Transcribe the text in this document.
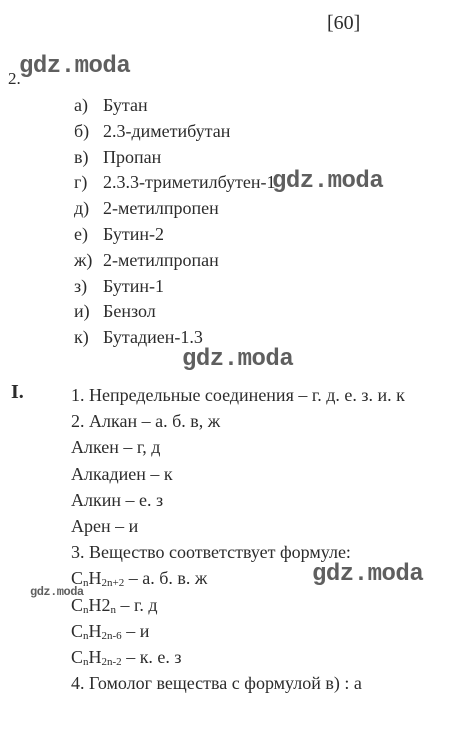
[60]
2.
а) Бутан
б) 2.3-диметибутан
в) Пропан
г) 2.3.3-триметилбутен-1
д) 2-метилпропен
е) Бутин-2
ж) 2-метилпропан
з) Бутин-1
и) Бензол
к) Бутадиен-1.3
I.	1. Непредельные соединения – г. д. е. з. и. к
2. Алкан – а. б. в, ж
Алкен – г, д
Алкадиен – к
Алкин – е. з
Арен – и
3. Вещество соответствует формуле:
$C_nH_{2n+2}$ – а. б. в. ж
$C_nH2_n$ – г. д
$C_nH_{2n-6}$ – и
$C_nH_{2n-2}$ – к. е. з
4. Гомолог вещества с формулой в) : а
gdz.moda
gdz.moda
gdz.moda
gdz.moda
gdz.moda
